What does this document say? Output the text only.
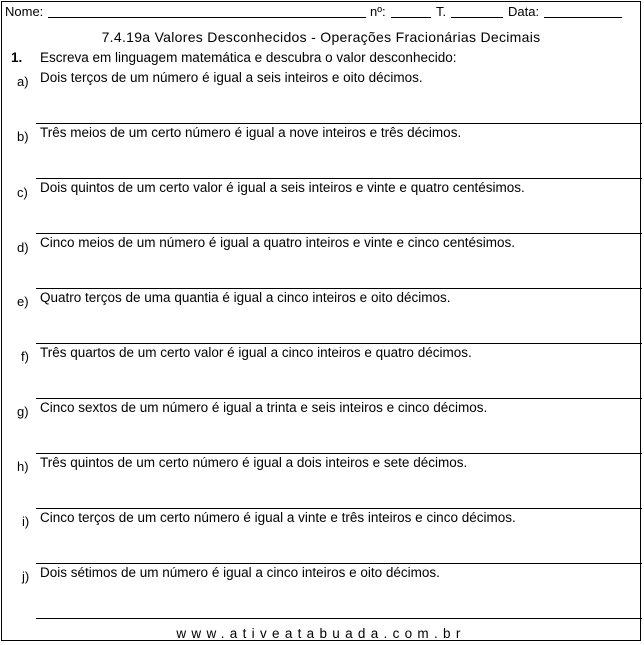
Nome:	nº:	T.	Data:
7.4.19a Valores Desconhecidos - Operações Fracionárias Decimais
1. Escreva em linguagem matemática e descubra o valor desconhecido:
a) Dois terços de um número é igual a seis inteiros e oito décimos.
b) Três meios de um certo número é igual a nove inteiros e três décimos.
c) Dois quintos de um certo valor é igual a seis inteiros e vinte e quatro centésimos.
d) Cinco meios de um número é igual a quatro inteiros e vinte e cinco centésimos.
e) Quatro terços de uma quantia é igual a cinco inteiros e oito décimos.
f) Três quartos de um certo valor é igual a cinco inteiros e quatro décimos.
g) Cinco sextos de um número é igual a trinta e seis inteiros e cinco décimos.
h) Três quintos de um certo número é igual a dois inteiros e sete décimos.
i) Cinco terços de um certo número é igual a vinte e três inteiros e cinco décimos.
j) Dois sétimos de um número é igual a cinco inteiros e oito décimos.
www.ativeatabuada.com.br
